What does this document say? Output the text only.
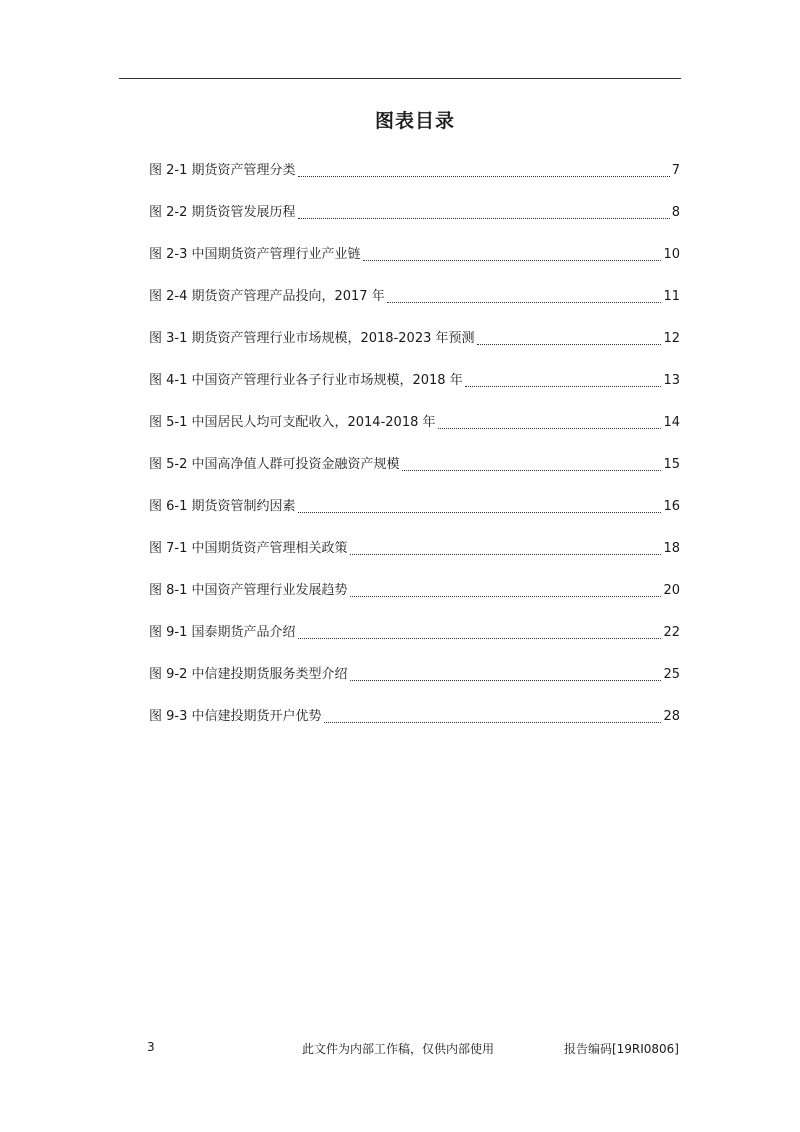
图表目录
图 2-1 期货资产管理分类	7
图 2-2 期货资管发展历程	8
图 2-3 中国期货资产管理行业产业链	10
图 2-4 期货资产管理产品投向，2017 年	11
图 3-1 期货资产管理行业市场规模，2018-2023 年预测	12
图 4-1 中国资产管理行业各子行业市场规模，2018 年	13
图 5-1 中国居民人均可支配收入，2014-2018 年	14
图 5-2 中国高净值人群可投资金融资产规模	15
图 6-1 期货资管制约因素	16
图 7-1 中国期货资产管理相关政策	18
图 8-1 中国资产管理行业发展趋势	20
图 9-1 国泰期货产品介绍	22
图 9-2 中信建投期货服务类型介绍	25
图 9-3 中信建投期货开户优势	28
3	此文件为内部工作稿，仅供内部使用	报告编码[19RI0806]
